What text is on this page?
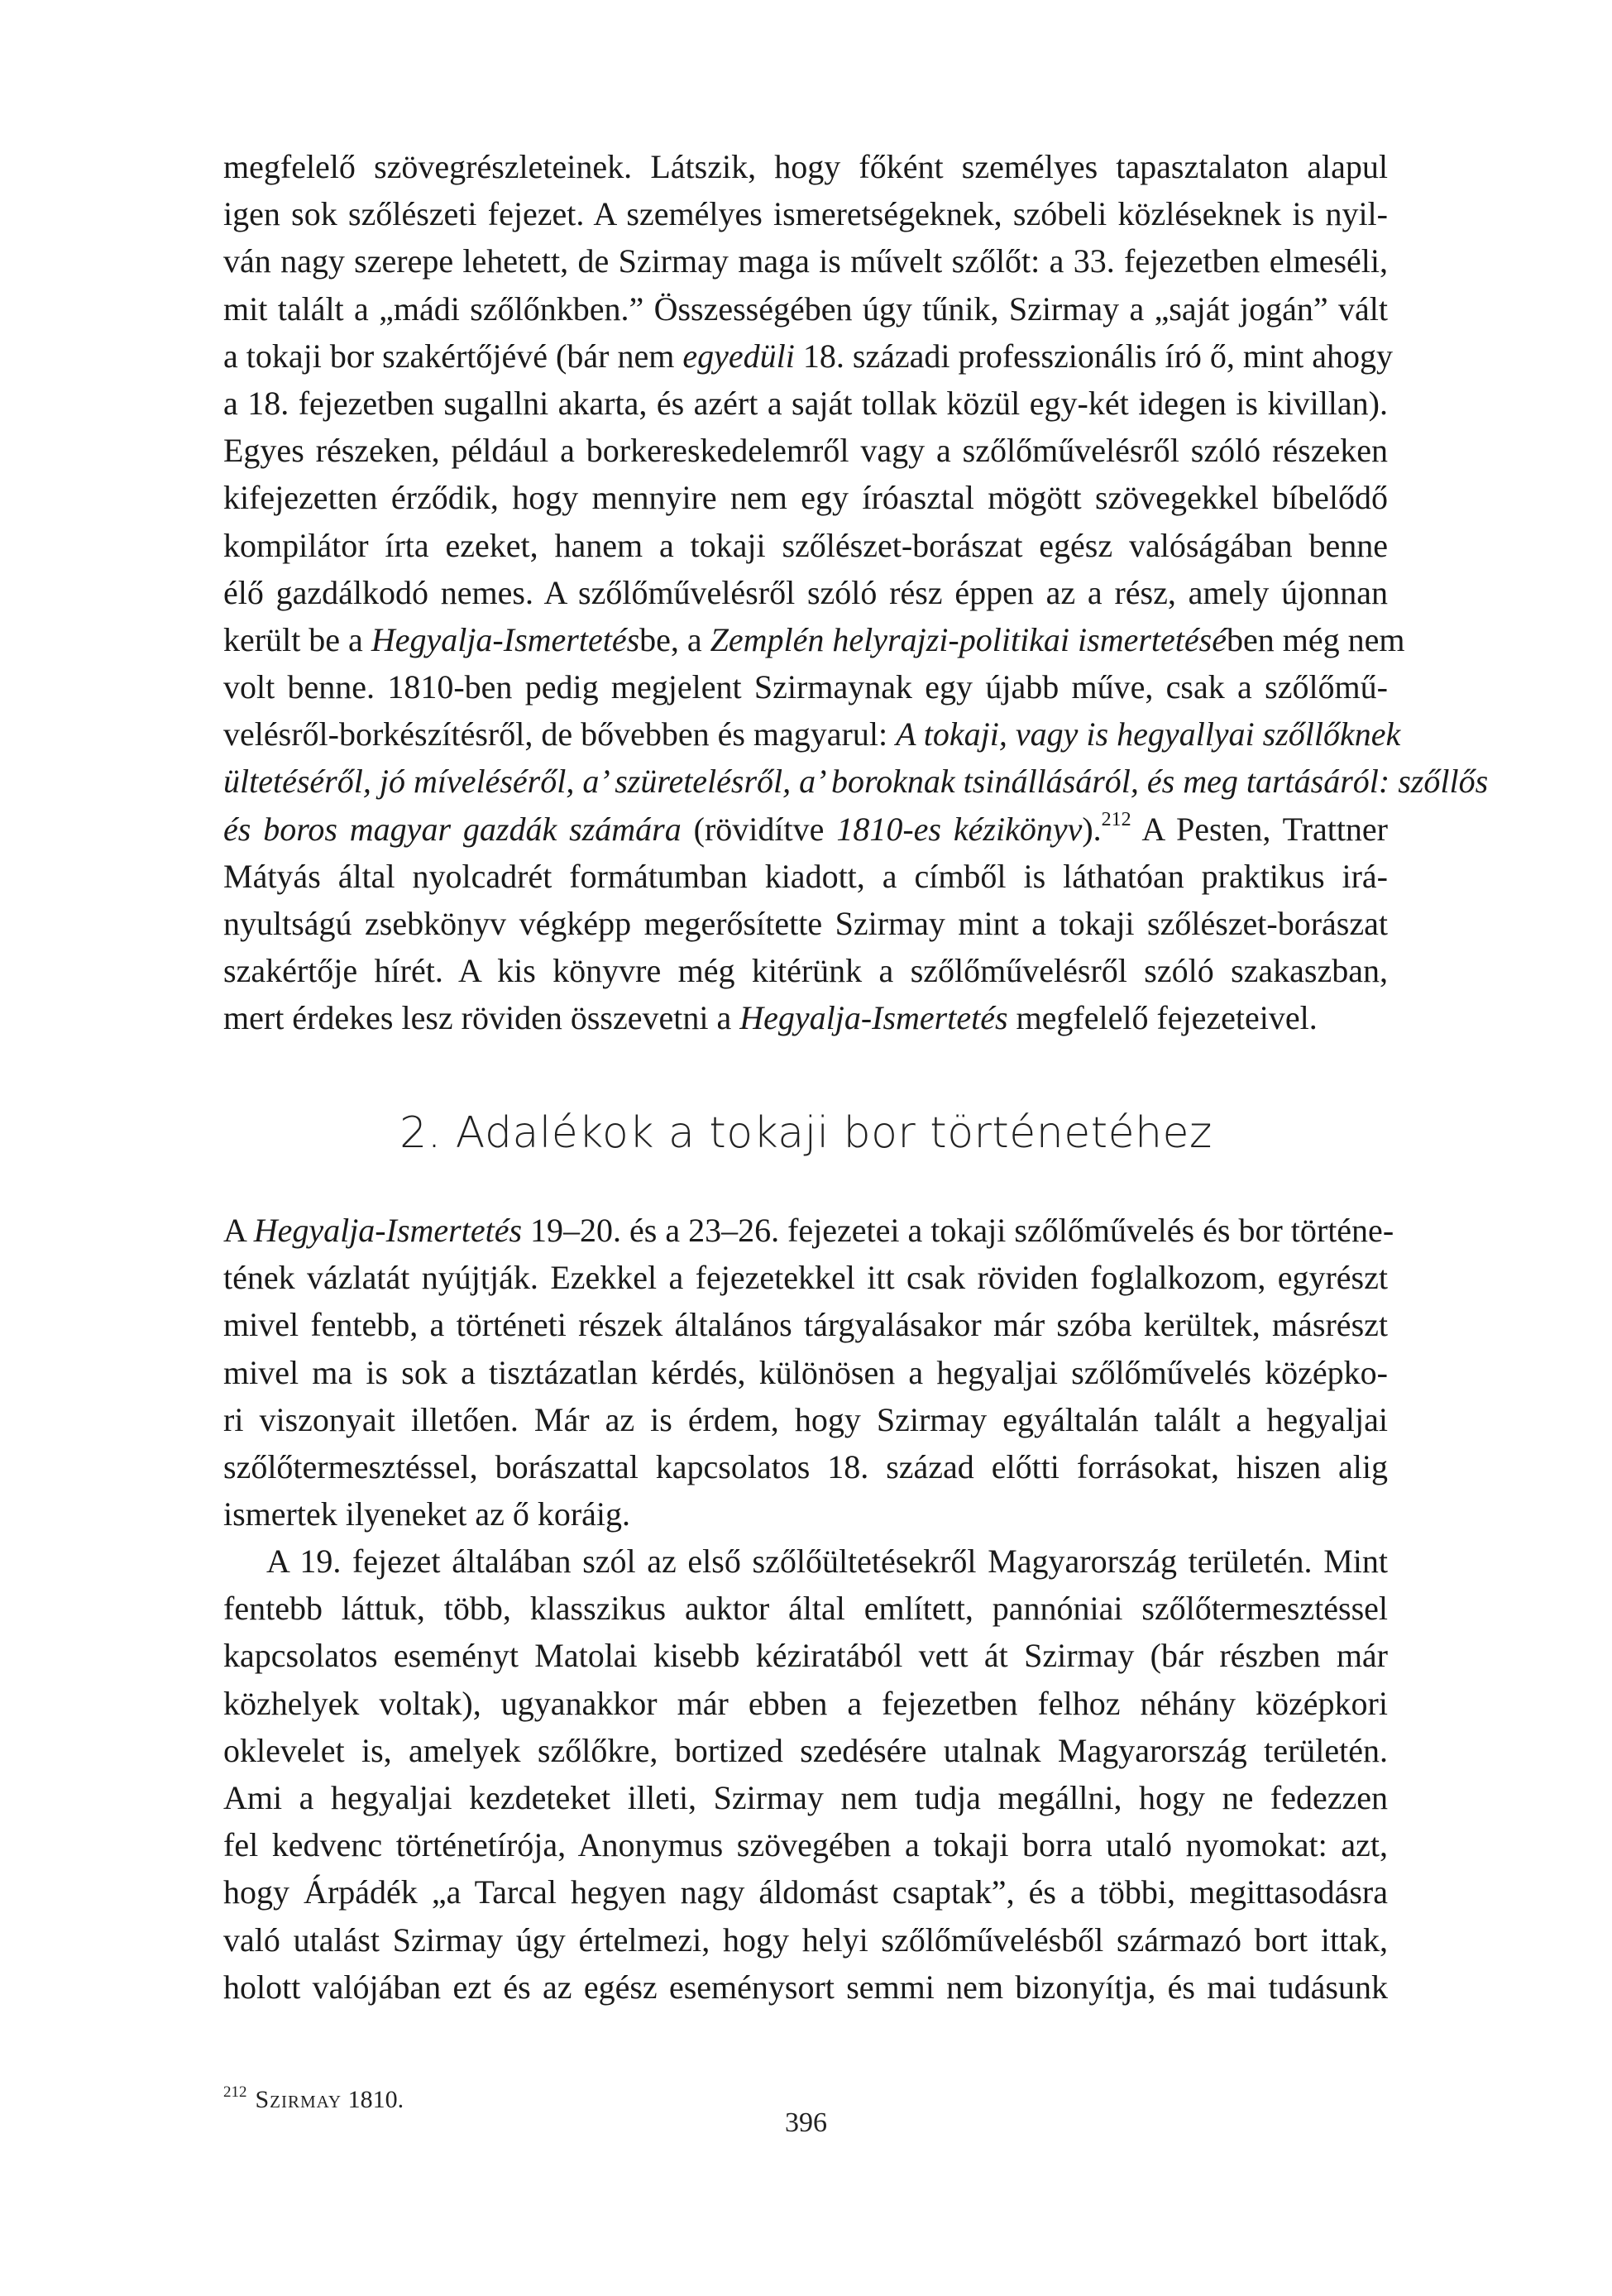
megfelelő szövegrészleteinek. Látszik, hogy főként személyes tapasztalaton alapul
igen sok szőlészeti fejezet. A személyes ismeretségeknek, szóbeli közléseknek is nyil-
ván nagy szerepe lehetett, de Szirmay maga is művelt szőlőt: a 33. fejezetben elmeséli,
mit talált a „mádi szőlőnkben.” Összességében úgy tűnik, Szirmay a „saját jogán” vált
a tokaji bor szakértőjévé (bár nem egyedüli 18. századi professzionális író ő, mint ahogy
a 18. fejezetben sugallni akarta, és azért a saját tollak közül egy-két idegen is kivillan).
Egyes részeken, például a borkereskedelemről vagy a szőlőművelésről szóló részeken
kifejezetten érződik, hogy mennyire nem egy íróasztal mögött szövegekkel bíbelődő
kompilátor írta ezeket, hanem a tokaji szőlészet-borászat egész valóságában benne
élő gazdálkodó nemes. A szőlőművelésről szóló rész éppen az a rész, amely újonnan
került be a Hegyalja-Ismertetésbe, a Zemplén helyrajzi-politikai ismertetésében még nem
volt benne. 1810-ben pedig megjelent Szirmaynak egy újabb műve, csak a szőlőmű-
velésről-borkészítésről, de bővebben és magyarul: A tokaji, vagy is hegyallyai szőllőknek
ültetéséről, jó míveléséről, a’ szüretelésről, a’ boroknak tsinállásáról, és meg tartásáról: szőllős
és boros magyar gazdák számára (rövidítve 1810-es kézikönyv).$^{212}$ A Pesten, Trattner
Mátyás által nyolcadrét formátumban kiadott, a címből is láthatóan praktikus irá-
nyultságú zsebkönyv végképp megerősítette Szirmay mint a tokaji szőlészet-borászat
szakértője hírét. A kis könyvre még kitérünk a szőlőművelésről szóló szakaszban,
mert érdekes lesz röviden összevetni a Hegyalja-Ismertetés megfelelő fejezeteivel.
2. Adalékok a tokaji bor történetéhez
A Hegyalja-Ismertetés 19–20. és a 23–26. fejezetei a tokaji szőlőművelés és bor történe-
tének vázlatát nyújtják. Ezekkel a fejezetekkel itt csak röviden foglalkozom, egyrészt
mivel fentebb, a történeti részek általános tárgyalásakor már szóba kerültek, másrészt
mivel ma is sok a tisztázatlan kérdés, különösen a hegyaljai szőlőművelés középko-
ri viszonyait illetően. Már az is érdem, hogy Szirmay egyáltalán talált a hegyaljai
szőlőtermesztéssel, borászattal kapcsolatos 18. század előtti forrásokat, hiszen alig
ismertek ilyeneket az ő koráig.
A 19. fejezet általában szól az első szőlőültetésekről Magyarország területén. Mint
fentebb láttuk, több, klasszikus auktor által említett, pannóniai szőlőtermesztéssel
kapcsolatos eseményt Matolai kisebb kéziratából vett át Szirmay (bár részben már
közhelyek voltak), ugyanakkor már ebben a fejezetben felhoz néhány középkori
oklevelet is, amelyek szőlőkre, bortized szedésére utalnak Magyarország területén.
Ami a hegyaljai kezdeteket illeti, Szirmay nem tudja megállni, hogy ne fedezzen
fel kedvenc történetírója, Anonymus szövegében a tokaji borra utaló nyomokat: azt,
hogy Árpádék „a Tarcal hegyen nagy áldomást csaptak”, és a többi, megittasodásra
való utalást Szirmay úgy értelmezi, hogy helyi szőlőművelésből származó bort ittak,
holott valójában ezt és az egész eseménysort semmi nem bizonyítja, és mai tudásunk
$^{212}$ Szirmay 1810.
396
